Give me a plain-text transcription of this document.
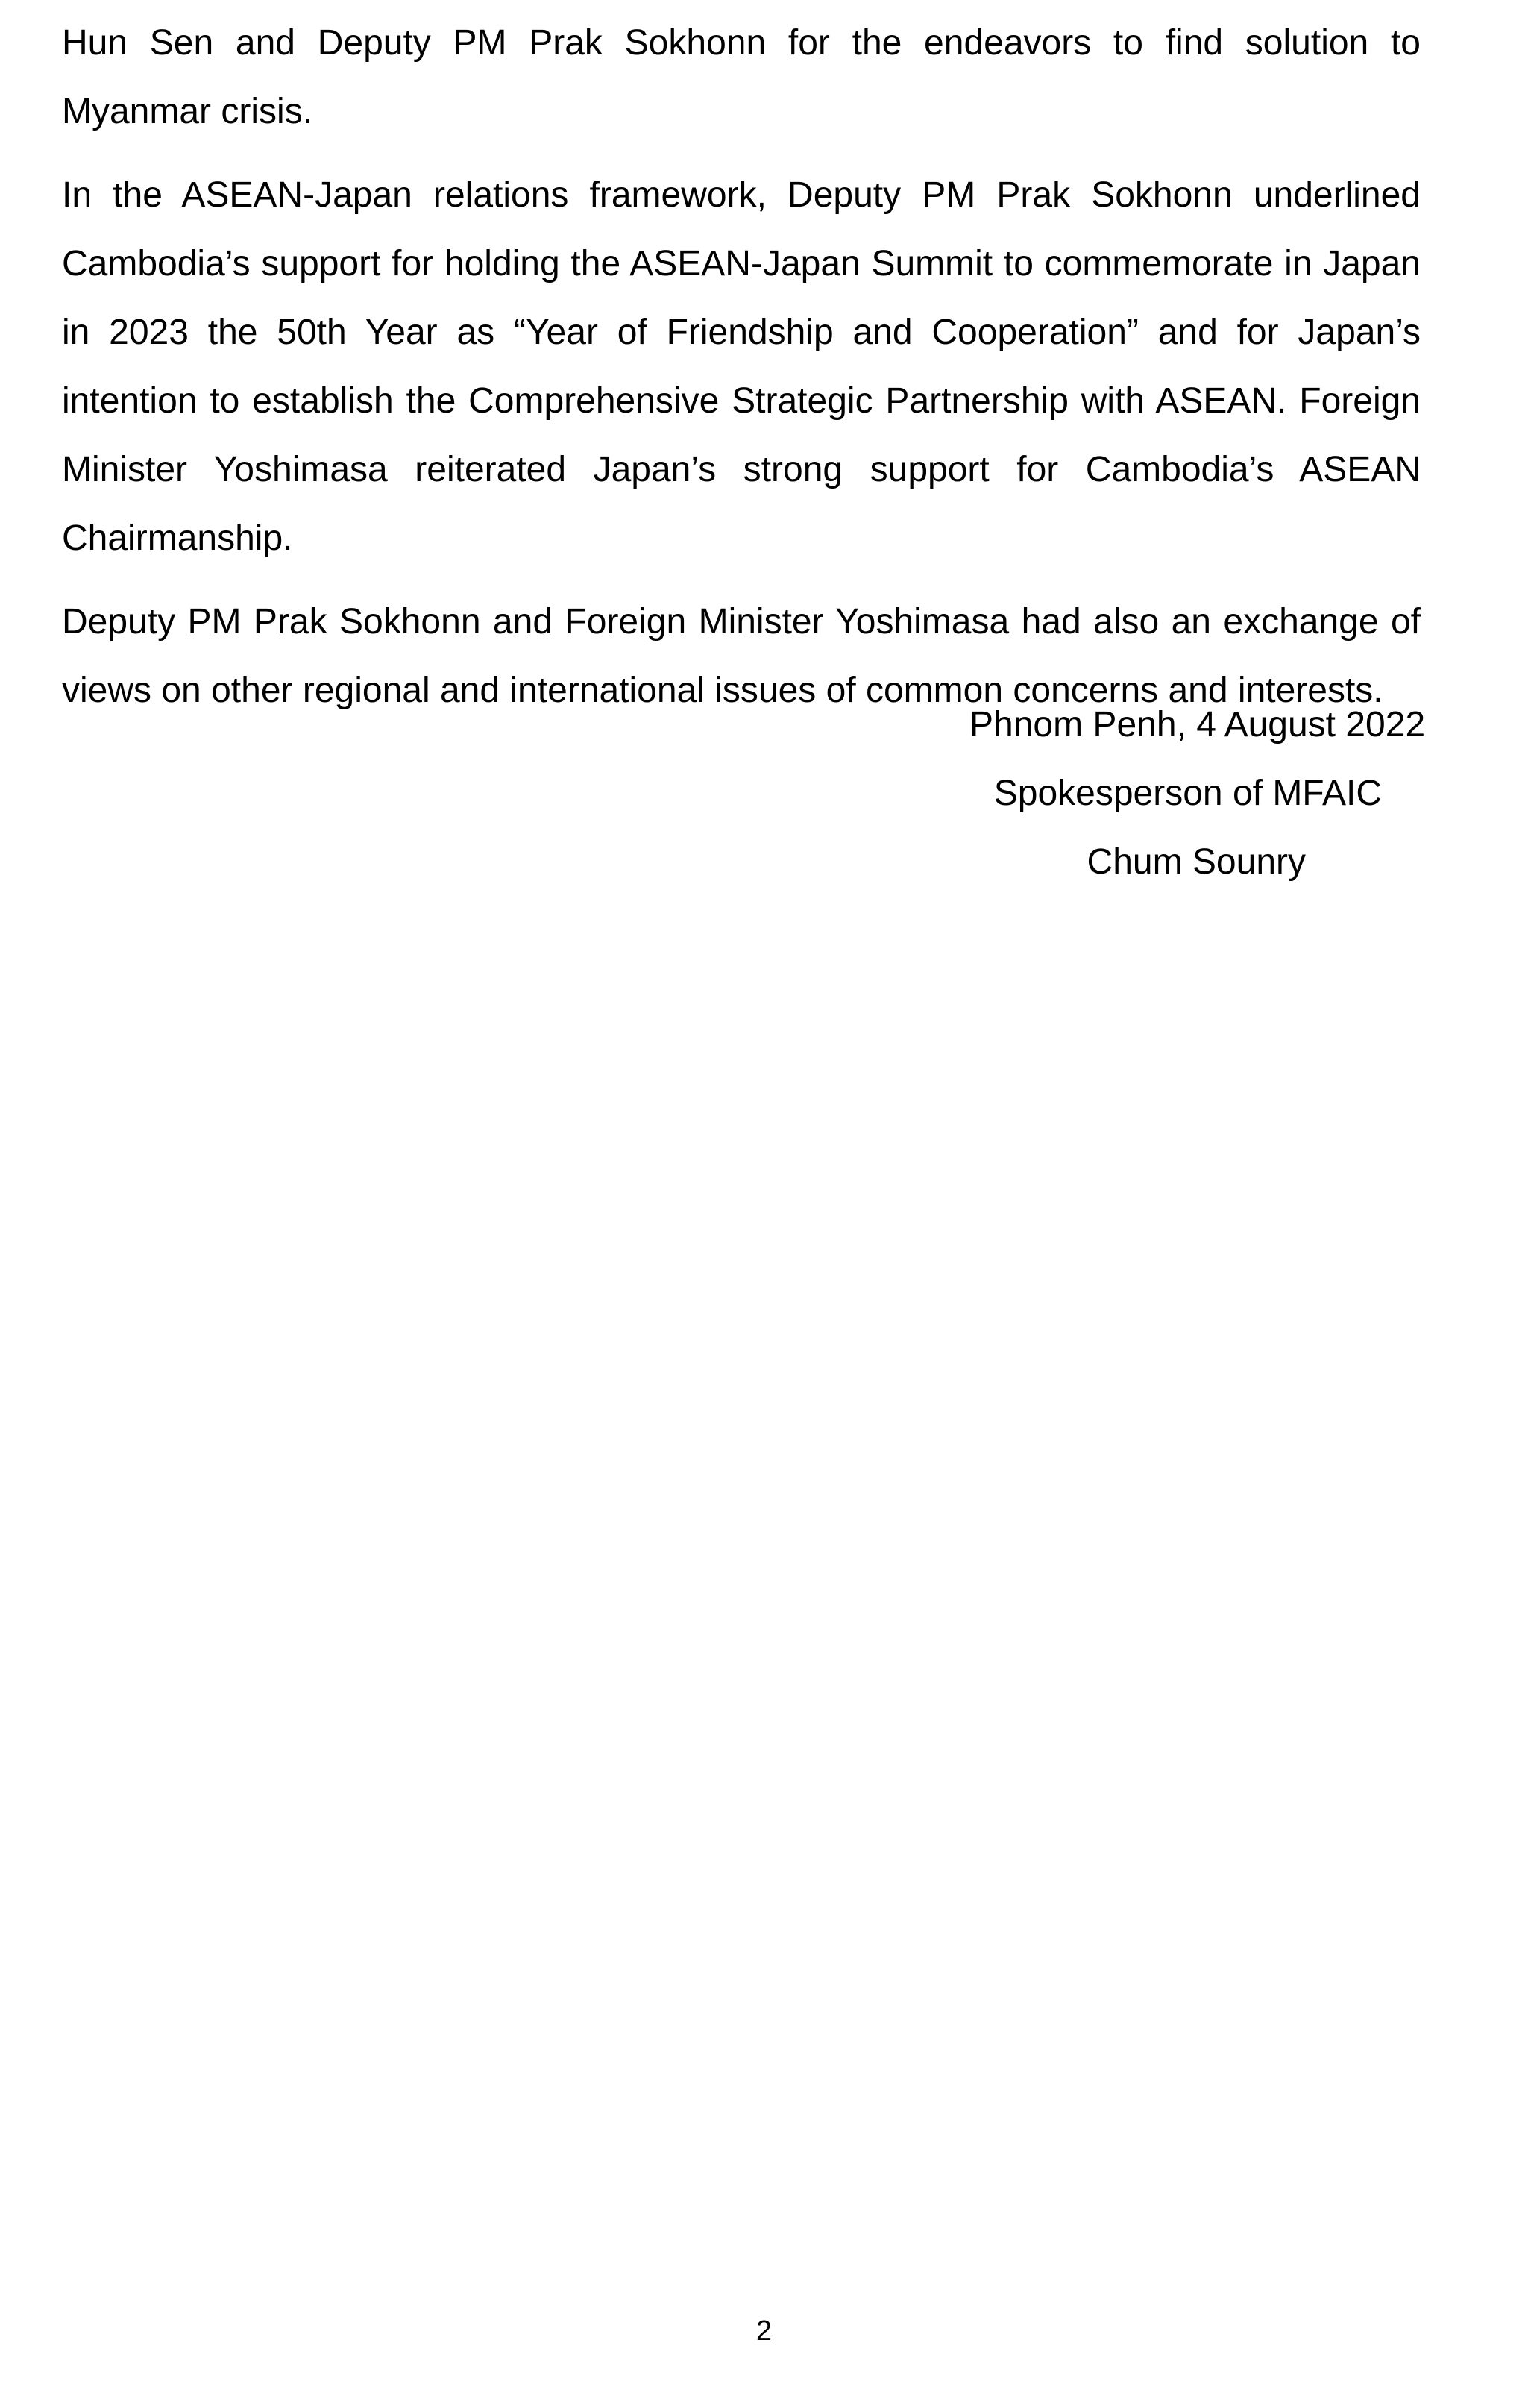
Hun Sen and Deputy PM Prak Sokhonn for the endeavors to find solution to Myanmar crisis.

In the ASEAN-Japan relations framework, Deputy PM Prak Sokhonn underlined Cambodia’s support for holding the ASEAN-Japan Summit to commemorate in Japan in 2023 the 50th Year as “Year of Friendship and Cooperation” and for Japan’s intention to establish the Comprehensive Strategic Partnership with ASEAN. Foreign Minister Yoshimasa reiterated Japan’s strong support for Cambodia’s ASEAN Chairmanship.

Deputy PM Prak Sokhonn and Foreign Minister Yoshimasa had also an exchange of views on other regional and international issues of common concerns and interests.

Phnom Penh, 4 August 2022
Spokesperson of MFAIC
Chum Sounry
2
